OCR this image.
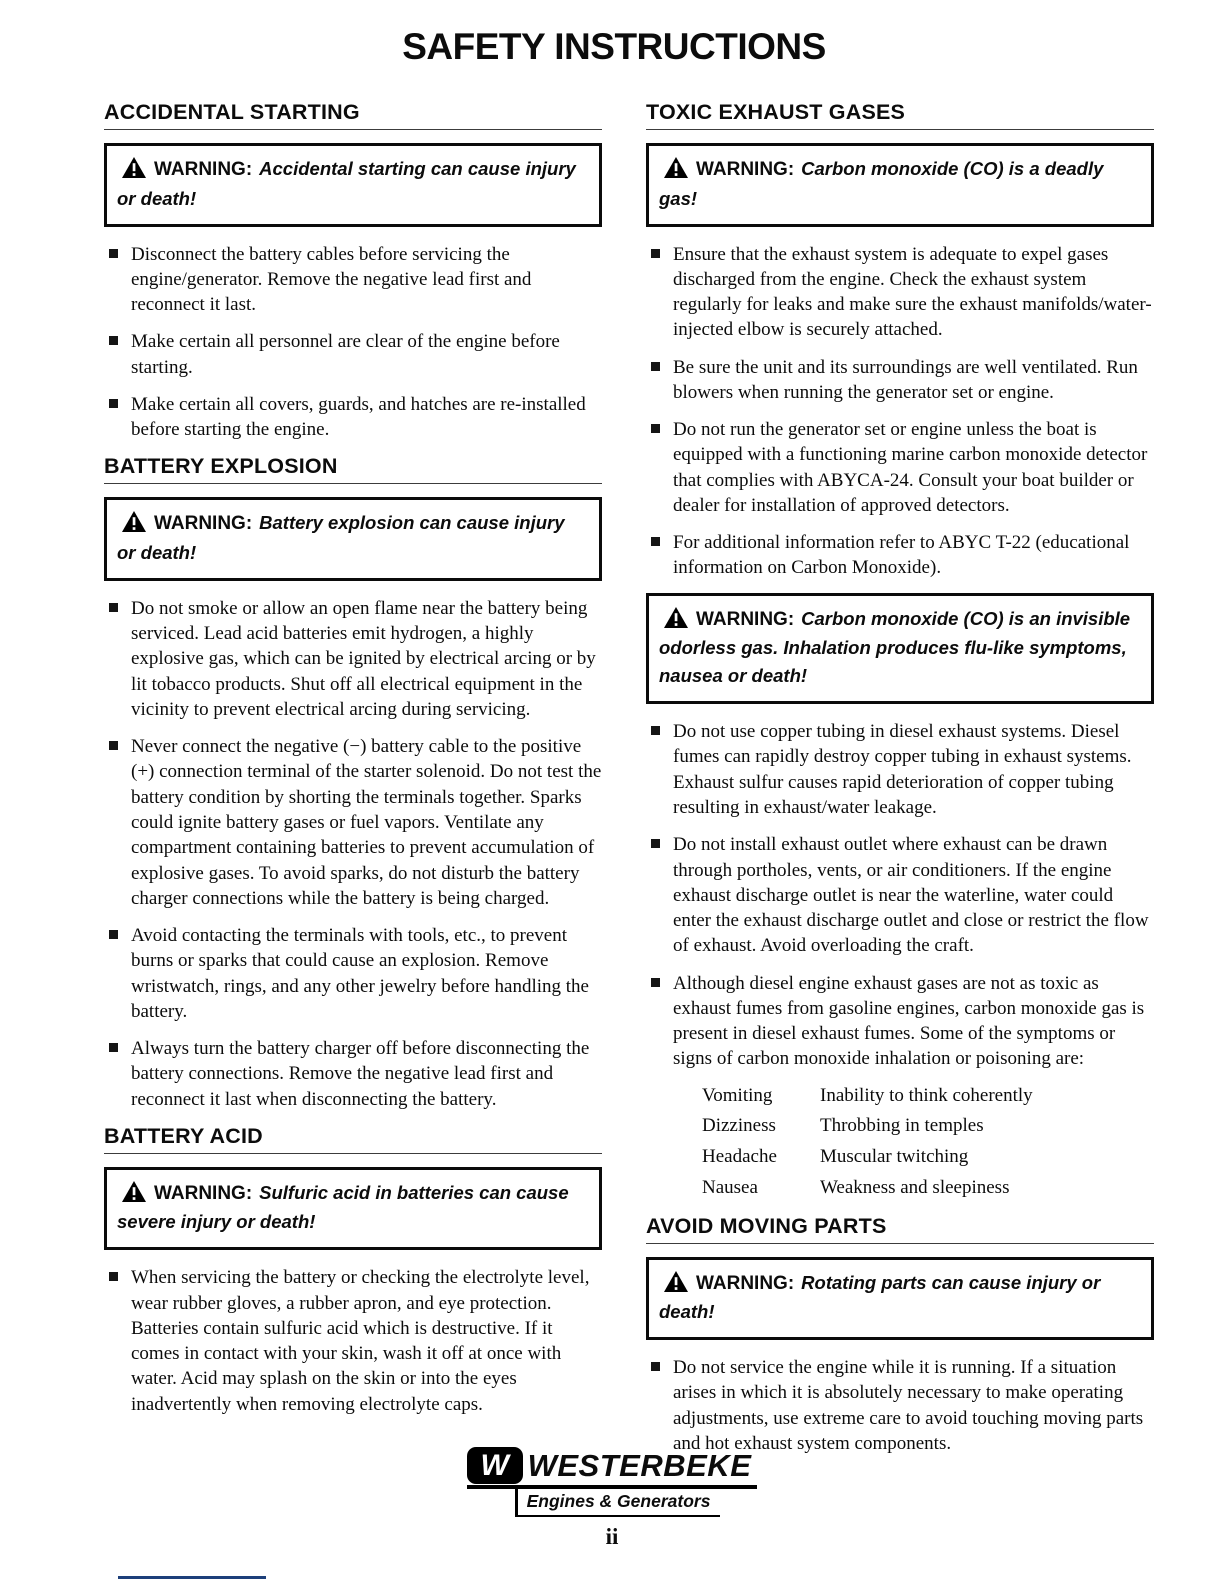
SAFETY INSTRUCTIONS
ACCIDENTAL STARTING
WARNING: Accidental starting can cause injury or death!
Disconnect the battery cables before servicing the engine/generator. Remove the negative lead first and reconnect it last.
Make certain all personnel are clear of the engine before starting.
Make certain all covers, guards, and hatches are re-installed before starting the engine.
BATTERY EXPLOSION
WARNING: Battery explosion can cause injury or death!
Do not smoke or allow an open flame near the battery being serviced. Lead acid batteries emit hydrogen, a highly explosive gas, which can be ignited by electrical arcing or by lit tobacco products. Shut off all electrical equipment in the vicinity to prevent electrical arcing during servicing.
Never connect the negative (−) battery cable to the positive (+) connection terminal of the starter solenoid. Do not test the battery condition by shorting the terminals together. Sparks could ignite battery gases or fuel vapors. Ventilate any compartment containing batteries to prevent accumulation of explosive gases. To avoid sparks, do not disturb the battery charger connections while the battery is being charged.
Avoid contacting the terminals with tools, etc., to prevent burns or sparks that could cause an explosion. Remove wristwatch, rings, and any other jewelry before handling the battery.
Always turn the battery charger off before disconnecting the battery connections. Remove the negative lead first and reconnect it last when disconnecting the battery.
BATTERY ACID
WARNING: Sulfuric acid in batteries can cause severe injury or death!
When servicing the battery or checking the electrolyte level, wear rubber gloves, a rubber apron, and eye protection. Batteries contain sulfuric acid which is destructive. If it comes in contact with your skin, wash it off at once with water. Acid may splash on the skin or into the eyes inadvertently when removing electrolyte caps.
TOXIC EXHAUST GASES
WARNING: Carbon monoxide (CO) is a deadly gas!
Ensure that the exhaust system is adequate to expel gases discharged from the engine. Check the exhaust system regularly for leaks and make sure the exhaust manifolds/water-injected elbow is securely attached.
Be sure the unit and its surroundings are well ventilated. Run blowers when running the generator set or engine.
Do not run the generator set or engine unless the boat is equipped with a functioning marine carbon monoxide detector that complies with ABYCA-24. Consult your boat builder or dealer for installation of approved detectors.
For additional information refer to ABYC T-22 (educational information on Carbon Monoxide).
WARNING: Carbon monoxide (CO) is an invisible odorless gas. Inhalation produces flu-like symptoms, nausea or death!
Do not use copper tubing in diesel exhaust systems. Diesel fumes can rapidly destroy copper tubing in exhaust systems. Exhaust sulfur causes rapid deterioration of copper tubing resulting in exhaust/water leakage.
Do not install exhaust outlet where exhaust can be drawn through portholes, vents, or air conditioners. If the engine exhaust discharge outlet is near the waterline, water could enter the exhaust discharge outlet and close or restrict the flow of exhaust. Avoid overloading the craft.
Although diesel engine exhaust gases are not as toxic as exhaust fumes from gasoline engines, carbon monoxide gas is present in diesel exhaust fumes. Some of the symptoms or signs of carbon monoxide inhalation or poisoning are:
Vomiting	Inability to think coherently
Dizziness	Throbbing in temples
Headache	Muscular twitching
Nausea	Weakness and sleepiness
AVOID MOVING PARTS
WARNING: Rotating parts can cause injury or death!
Do not service the engine while it is running. If a situation arises in which it is absolutely necessary to make operating adjustments, use extreme care to avoid touching moving parts and hot exhaust system components.
W WESTERBEKE
Engines & Generators
ii
